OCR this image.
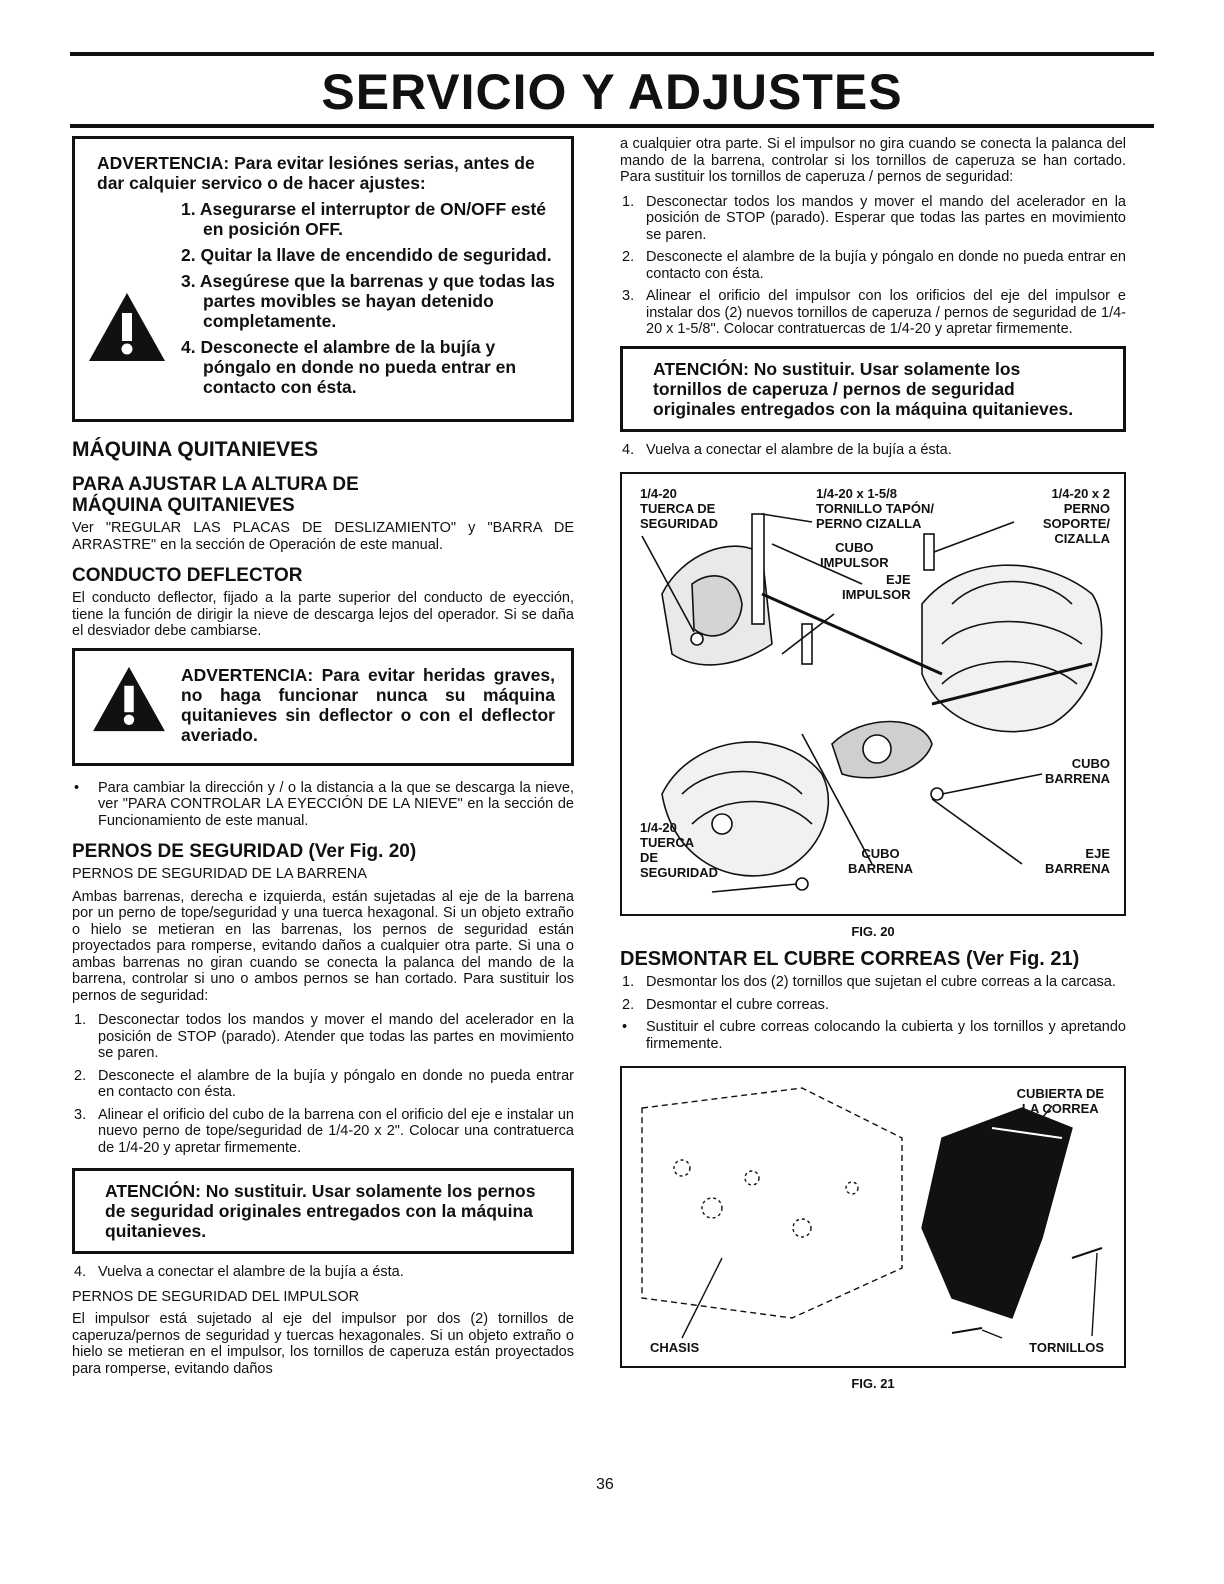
SERVICIO Y ADJUSTES
ADVERTENCIA: Para evitar lesiónes serias, antes de dar calquier servico o de hacer ajustes:
1. Asegurarse el interruptor de ON/OFF esté en posición OFF.
2. Quitar la llave de encendido de seguridad.
3. Asegúrese que la barrenas y que todas las partes movibles se hayan detenido completamente.
4. Desconecte el alambre de la bujía y póngalo en donde no pueda entrar en contacto con ésta.
MÁQUINA QUITANIEVES
PARA AJUSTAR LA ALTURA DE MÁQUINA QUITANIEVES

Ver "REGULAR LAS PLACAS DE DESLIZAMIENTO" y "BARRA DE ARRASTRE" en la sección de Operación de este manual.

CONDUCTO DEFLECTOR

El conducto deflector, fijado a la parte superior del conducto de eyección, tiene la función de dirigir la nieve de descarga lejos del operador. Si se daña el desviador debe cambiarse.

ADVERTENCIA: Para evitar heridas graves, no haga funcionar nunca su máquina quitanieves sin deflector o con el deflector averiado.
• Para cambiar la dirección y / o la distancia a la que se descarga la nieve, ver "PARA CONTROLAR LA EYECCIÓN DE LA NIEVE" en la sección de Funcionamiento de este manual.
PERNOS DE SEGURIDAD (Ver Fig. 20)

PERNOS DE SEGURIDAD DE LA BARRENA

Ambas barrenas, derecha e izquierda, están sujetadas al eje de la barrena por un perno de tope/seguridad y una tuerca hexagonal. Si un objeto extraño o hielo se metieran en las barrenas, los pernos de seguridad están proyectados para romperse, evitando daños a cualquier otra parte. Si una o ambas barrenas no giran cuando se conecta la palanca del mando de la barrena, controlar si uno o ambos pernos se han cortado. Para sustituir los pernos de seguridad:

1. Desconectar todos los mandos y mover el mando del acelerador en la posición de STOP (parado). Atender que todas las partes en movimiento se paren.
2. Desconecte el alambre de la bujía y póngalo en donde no pueda entrar en contacto con ésta.
3. Alinear el orificio del cubo de la barrena con el orificio del eje e instalar un nuevo perno de tope/seguridad de 1/4-20 x 2". Colocar una contratuerca de 1/4-20 y apretar firmemente.
ATENCIÓN: No sustituir. Usar solamente los pernos de seguridad originales entregados con la máquina quitanieves.
4. Vuelva a conectar el alambre de la bujía a ésta.

PERNOS DE SEGURIDAD DEL IMPULSOR

El impulsor está sujetado al eje del impulsor por dos (2) tornillos de caperuza/pernos de seguridad y tuercas hexagonales. Si un objeto extraño o hielo se metieran en el impulsor, los tornillos de caperuza están proyectados para romperse, evitando daños

a cualquier otra parte. Si el impulsor no gira cuando se conecta la palanca del mando de la barrena, controlar si los tornillos de caperuza se han cortado. Para sustituir los tornillos de caperuza / pernos de seguridad:

1. Desconectar todos los mandos y mover el mando del acelerador en la posición de STOP (parado). Esperar que todas las partes en movimiento se paren.
2. Desconecte el alambre de la bujía y póngalo en donde no pueda entrar en contacto con ésta.
3. Alinear el orificio del impulsor con los orificios del eje del impulsor e instalar dos (2) nuevos tornillos de caperuza / pernos de seguridad de 1/4-20 x 1-5/8". Colocar contratuercas de 1/4-20 y apretar firmemente.
ATENCIÓN: No sustituir. Usar solamente los tornillos de caperuza / pernos de seguridad originales entregados con la máquina quitanieves.
4. Vuelva a conectar el alambre de la bujía a ésta.
1/4-20
TUERCA DE
SEGURIDAD
1/4-20 x 1-5/8
TORNILLO TAPÓN/
PERNO CIZALLA
1/4-20 x 2
PERNO
SOPORTE/
CIZALLA
CUBO
IMPULSOR
EJE
IMPULSOR
CUBO
BARRENA
1/4-20
TUERCA
DE
SEGURIDAD
CUBO
BARRENA
EJE
BARRENA
FIG. 20
DESMONTAR EL CUBRE CORREAS (Ver Fig. 21)
1. Desmontar los dos (2) tornillos que sujetan el cubre correas a la carcasa.
2. Desmontar el cubre correas.
• Sustituir el cubre correas colocando la cubierta y los tornillos y apretando firmemente.
CUBIERTA DE
LA CORREA
CHASIS	TORNILLOS
FIG. 21
36
